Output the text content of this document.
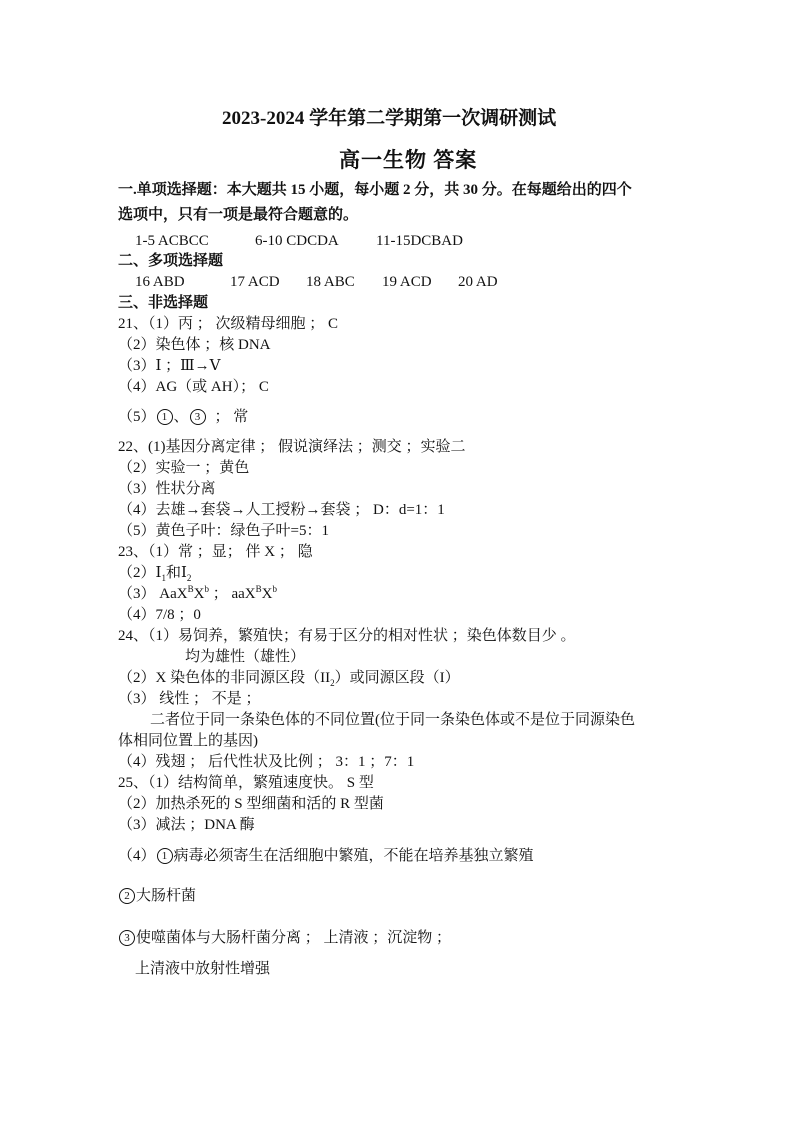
2023-2024 学年第二学期第一次调研测试
高一生物 答案
一.单项选择题：本大题共 15 小题，每小题 2 分，共 30 分。在每题给出的四个
选项中，只有一项是最符合题意的。
1-5 ACBCC	6-10 CDCDA 11-15DCBAD
二、多项选择题
16 ABD	17 ACD 18 ABC 19 ACD 20 AD
三、非选择题
21、（1）丙 ； 次级精母细胞 ； C
（2）染色体 ；核 DNA
（3）Ⅰ ；Ⅲ→Ⅴ
（4）AG（或 AH）； C
（5） 1 、 3 ； 常
22、(1)基因分离定律 ； 假说演绎法 ；测交 ；实验二
（2）实验一 ；黄色
（3）性状分离
（4）去雄→套袋→人工授粉→套袋 ； D：d=1：1
（5）黄色子叶：绿色子叶=5：1
23、（1）常 ；显； 伴 X ； 隐
$(2)Ⅰ_1$和$Ⅰ_2$
（3） $AaX^BX^b$ ； $aaX^BX^b$
（4）7/8 ；0
24、（1）易饲养，繁殖快；有易于区分的相对性状 ；染色体数目少 。
均为雄性（雄性）
（2）X 染色体的非同源区段$(II_2)$或同源区段（I）
（3） 线性 ； 不是 ；
二者位于同一条染色体的不同位置(位于同一条染色体或不是位于同源染色
体相同位置上的基因)
（4）残翅 ； 后代性状及比例 ； 3：1 ；7：1
25、（1）结构简单，繁殖速度快。 S 型
（2）加热杀死的 S 型细菌和活的 R 型菌
（3）减法 ；DNA 酶
（4） 1 病毒必须寄生在活细胞中繁殖，不能在培养基独立繁殖
2 大肠杆菌
3 使噬菌体与大肠杆菌分离 ； 上清液 ；沉淀物 ；
上清液中放射性增强
